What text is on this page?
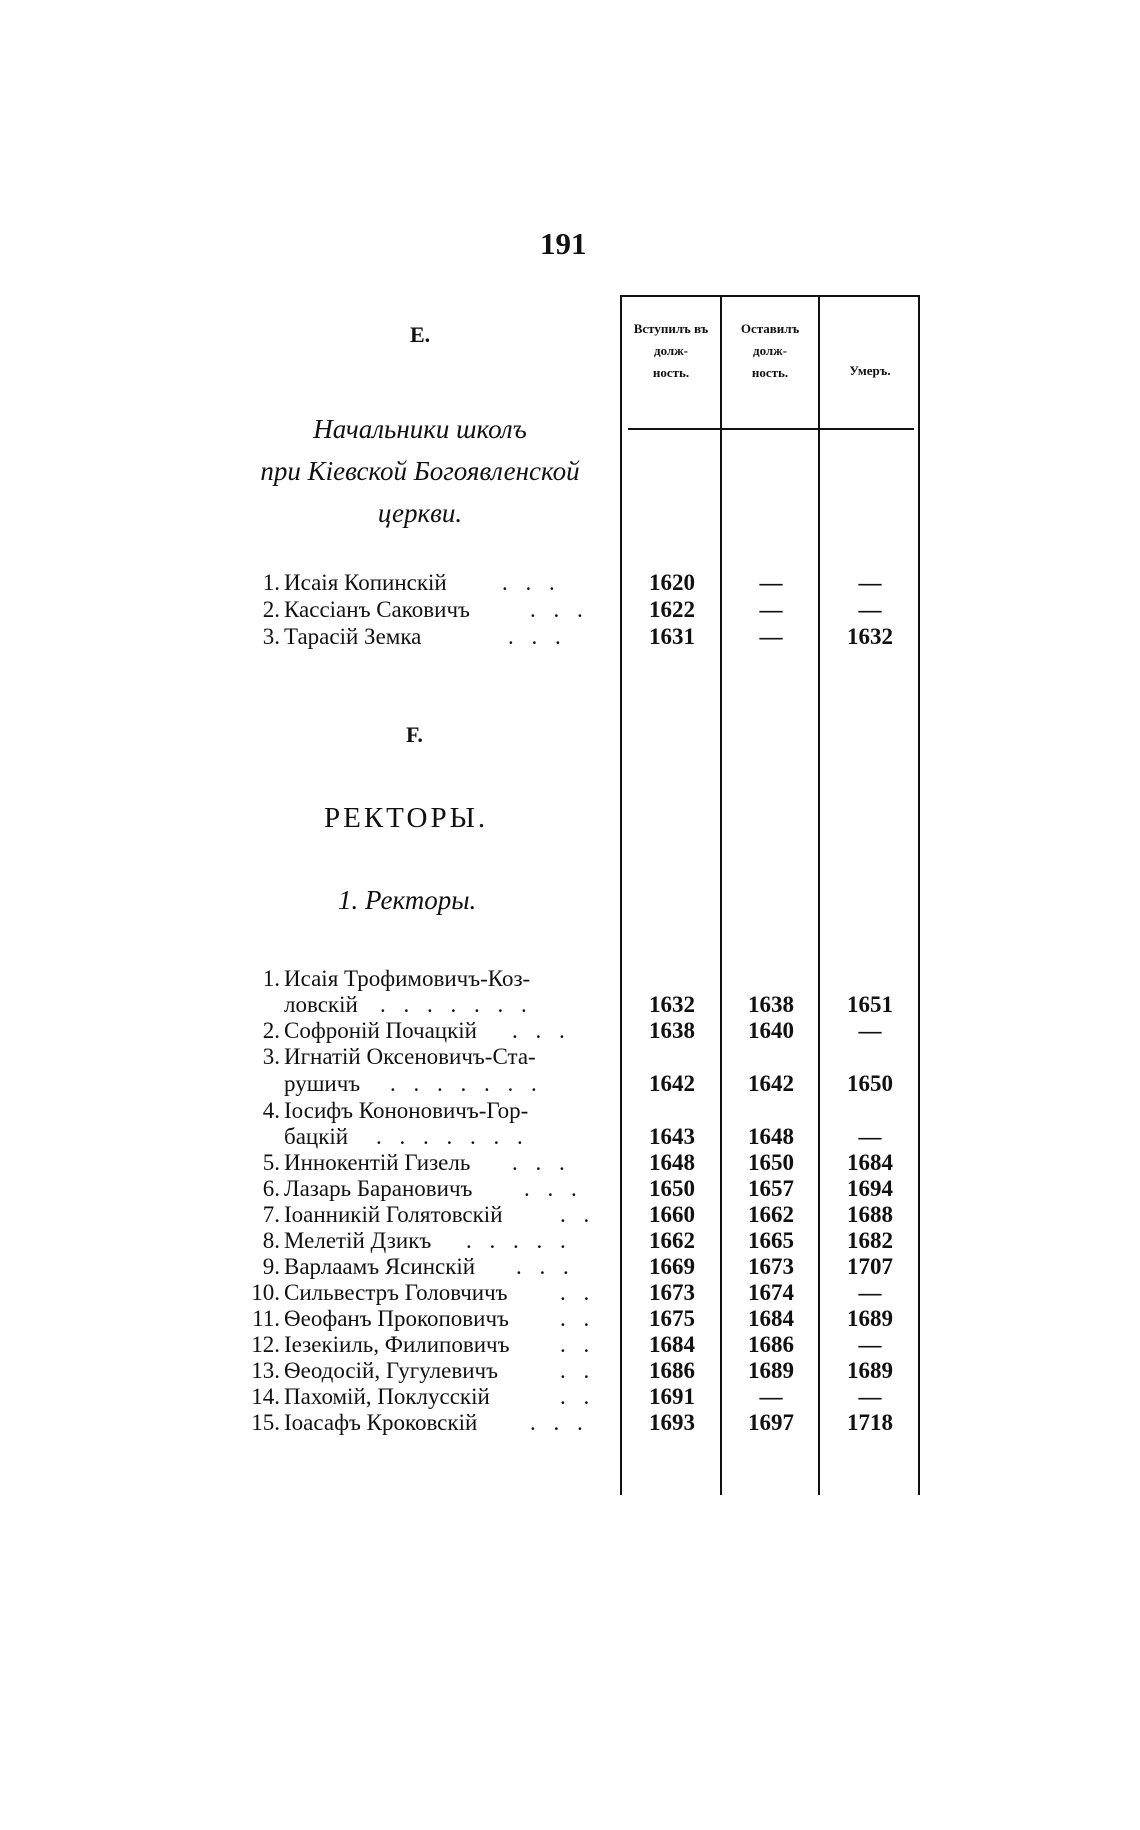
191
Вступилъ въ
долж-
ность.
Оставилъ
долж-
ность.	Умеръ.
E.
Начальники школъ
при Кіевской Богоявленской
церкви.
1. Исаія Копинскій . . .	1620	—	—
2. Кассіанъ Саковичъ	. . .	1622	—	—
3. Тарасій Земка	. . .	1631	—	1632
F.
РЕКТОРЫ.
1. Ректоры.
1. Исаія Трофимовичъ-Коз-
ловскій . . . . . . .	1632	1638	1651
2. Софроній Почацкій . . .	1638	1640	—
3. Игнатій Оксеновичъ-Ста-
рушичъ . . . . . . .	1642	1642	1650
4. Іосифъ Кононовичъ-Гор-
бацкій . . . . . . .	1643	1648	—
5. Иннокентій Гизель . . .	1648	1650	1684
6. Лазарь Барановичъ . . .	1650	1657	1694
7. Іоанникій Голятовскій	. .	1660	1662	1688
8. Мелетій Дзикъ . . . . .	1662	1665	1682
9. Варлаамъ Ясинскій . . .	1669	1673	1707
10. Сильвестръ Головчичъ . .	1673	1674	—
11. Ѳеофанъ Прокоповичъ . .	1675	1684	1689
12. Іезекіиль, Филиповичъ . .	1684	1686	—
13. Ѳеодосій, Гугулевичъ	. .	1686	1689	1689
14. Пахомій, Поклусскій	. .	1691	—	—
15. Іоасафъ Кроковскій . . .	1693	1697	1718
